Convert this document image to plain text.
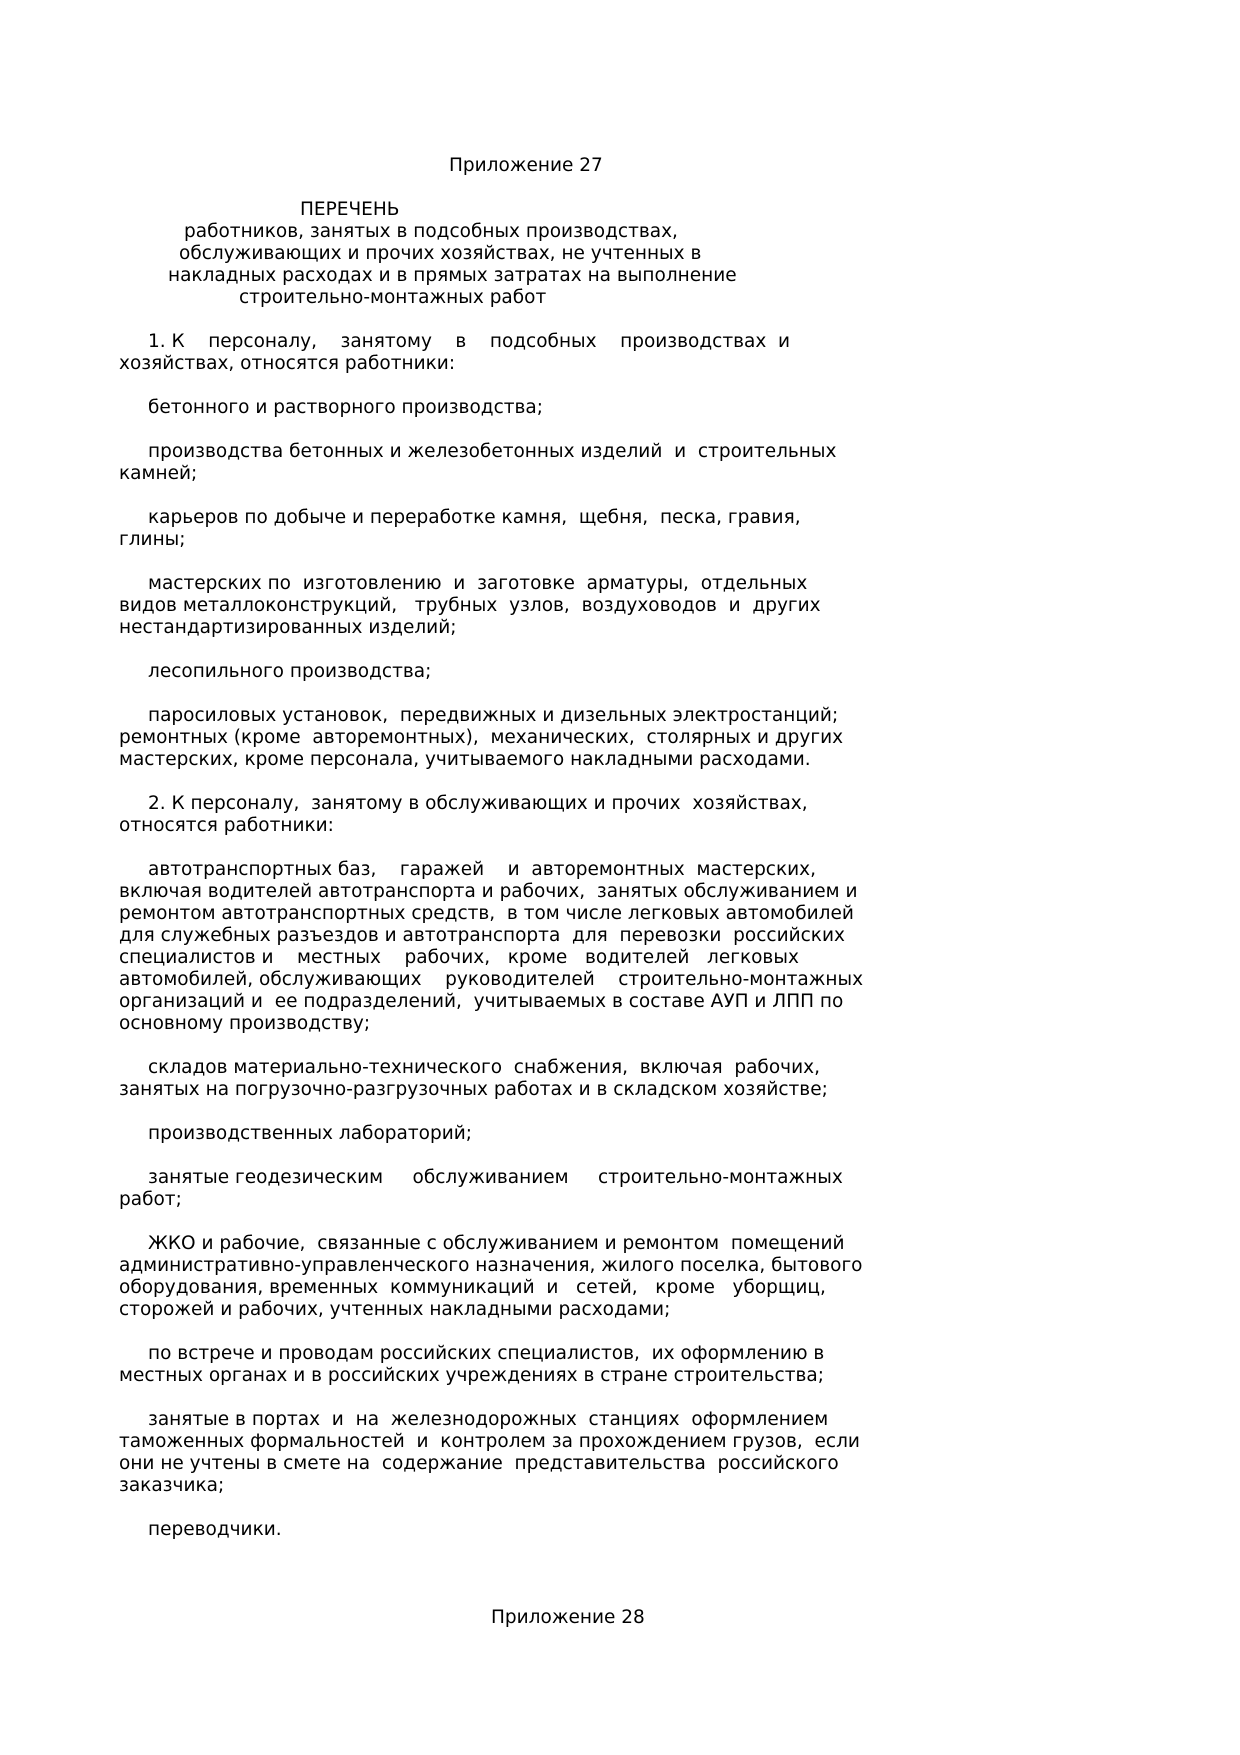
Приложение 27
ПЕРЕЧЕНЬ
работников, занятых в подсобных производствах,
обслуживающих и прочих хозяйствах, не учтенных в
накладных расходах и в прямых затратах на выполнение
строительно-монтажных работ
1. К    персоналу,    занятому    в    подсобных    производствах  и
хозяйствах, относятся работники:
бетонного и растворного производства;
производства бетонных и железобетонных изделий  и  строительных
камней;
карьеров по добыче и переработке камня,  щебня,  песка, гравия,
глины;
мастерских по  изготовлению  и  заготовке  арматуры,  отдельных
видов металлоконструкций,   трубных  узлов,  воздуховодов  и  других
нестандартизированных изделий;
лесопильного производства;
паросиловых установок,  передвижных и дизельных электростанций;
ремонтных (кроме  авторемонтных),  механических,  столярных и других
мастерских, кроме персонала, учитываемого накладными расходами.
2. К персоналу,  занятому в обслуживающих и прочих  хозяйствах,
относятся работники:
автотранспортных баз,    гаражей    и  авторемонтных  мастерских,
включая водителей автотранспорта и рабочих,  занятых обслуживанием и
ремонтом автотранспортных средств,  в том числе легковых автомобилей
для служебных разъездов и автотранспорта  для  перевозки  российских
специалистов и    местных    рабочих,   кроме   водителей   легковых
автомобилей, обслуживающих    руководителей    строительно-монтажных
организаций и  ее подразделений,  учитываемых в составе АУП и ЛПП по
основному производству;
складов материально-технического  снабжения,  включая  рабочих,
занятых на погрузочно-разгрузочных работах и в складском хозяйстве;
производственных лабораторий;
занятые геодезическим     обслуживанием     строительно-монтажных
работ;
ЖКО и рабочие,  связанные с обслуживанием и ремонтом  помещений
административно-управленческого назначения, жилого поселка, бытового
оборудования, временных  коммуникаций  и   сетей,   кроме   уборщиц,
сторожей и рабочих, учтенных накладными расходами;
по встрече и проводам российских специалистов,  их оформлению в
местных органах и в российских учреждениях в стране строительства;
занятые в портах  и  на  железнодорожных  станциях  оформлением
таможенных формальностей  и  контролем за прохождением грузов,  если
они не учтены в смете на  содержание  представительства  российского
заказчика;
переводчики.
Приложение 28
